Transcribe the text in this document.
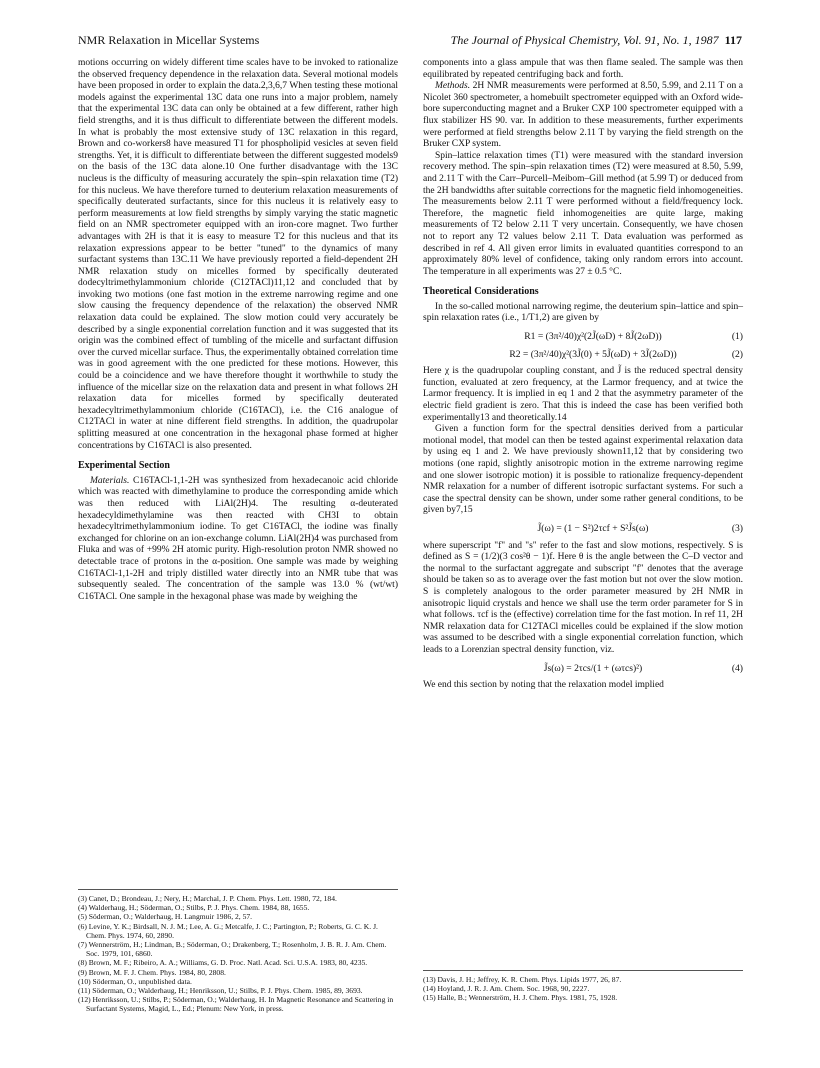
NMR Relaxation in Micellar Systems	The Journal of Physical Chemistry, Vol. 91, No. 1, 1987 117

motions occurring on widely different time scales have to be invoked to rationalize the observed frequency dependence in the relaxation data. Several motional models have been proposed in order to explain the data.2,3,6,7 When testing these motional models against the experimental 13C data one runs into a major problem, namely that the experimental 13C data can only be obtained at a few different, rather high field strengths, and it is thus difficult to differentiate between the different models. In what is probably the most extensive study of 13C relaxation in this regard, Brown and co-workers8 have measured T1 for phospholipid vesicles at seven field strengths. Yet, it is difficult to differentiate between the different suggested models9 on the basis of the 13C data alone.10 One further disadvantage with the 13C nucleus is the difficulty of measuring accurately the spin–spin relaxation time (T2) for this nucleus. We have therefore turned to deuterium relaxation measurements of specifically deuterated surfactants, since for this nucleus it is relatively easy to perform measurements at low field strengths by simply varying the static magnetic field on an NMR spectrometer equipped with an iron-core magnet. Two further advantages with 2H is that it is easy to measure T2 for this nucleus and that its relaxation expressions appear to be better "tuned" to the dynamics of many surfactant systems than 13C.11 We have previously reported a field-dependent 2H NMR relaxation study on micelles formed by specifically deuterated dodecyltrimethylammonium chloride (C12TACl)11,12 and concluded that by invoking two motions (one fast motion in the extreme narrowing regime and one slow causing the frequency dependence of the relaxation) the observed NMR relaxation data could be explained. The slow motion could very accurately be described by a single exponential correlation function and it was suggested that its origin was the combined effect of tumbling of the micelle and surfactant diffusion over the curved micellar surface. Thus, the experimentally obtained correlation time was in good agreement with the one predicted for these motions. However, this could be a coincidence and we have therefore thought it worthwhile to study the influence of the micellar size on the relaxation data and present in what follows 2H relaxation data for micelles formed by specifically deuterated hexadecyltrimethylammonium chloride (C16TACl), i.e. the C16 analogue of C12TACl in water at nine different field strengths. In addition, the quadrupolar splitting measured at one concentration in the hexagonal phase formed at higher concentrations by C16TACl is also presented.

Experimental Section

Materials. C16TACl-1,1-2H was synthesized from hexadecanoic acid chloride which was reacted with dimethylamine to produce the corresponding amide which was then reduced with LiAl(2H)4. The resulting α-deuterated hexadecyldimethylamine was then reacted with CH3I to obtain hexadecyltrimethylammonium iodine. To get C16TACl, the iodine was finally exchanged for chlorine on an ion-exchange column. LiAl(2H)4 was purchased from Fluka and was of +99% 2H atomic purity. High-resolution proton NMR showed no detectable trace of protons in the α-position. One sample was made by weighing C16TACl-1,1-2H and triply distilled water directly into an NMR tube that was subsequently sealed. The concentration of the sample was 13.0 % (wt/wt) C16TACl. One sample in the hexagonal phase was made by weighing the

(3) Canet, D.; Brondeau, J.; Nery, H.; Marchal, J. P. Chem. Phys. Lett. 1980, 72, 184.
(4) Walderhaug, H.; Söderman, O.; Stilbs, P. J. Phys. Chem. 1984, 88, 1655.
(5) Söderman, O.; Walderhaug, H. Langmuir 1986, 2, 57.
(6) Levine, Y. K.; Birdsall, N. J. M.; Lee, A. G.; Metcalfe, J. C.; Partington, P.; Roberts, G. C. K. J. Chem. Phys. 1974, 60, 2890.
(7) Wennerström, H.; Lindman, B.; Söderman, O.; Drakenberg, T.; Rosenholm, J. B. R. J. Am. Chem. Soc. 1979, 101, 6860.
(8) Brown, M. F.; Ribeiro, A. A.; Williams, G. D. Proc. Natl. Acad. Sci. U.S.A. 1983, 80, 4235.
(9) Brown, M. F. J. Chem. Phys. 1984, 80, 2808.
(10) Söderman, O., unpublished data.
(11) Söderman, O.; Walderhaug, H.; Henriksson, U.; Stilbs, P. J. Phys. Chem. 1985, 89, 3693.
(12) Henriksson, U.; Stilbs, P.; Söderman, O.; Walderhaug, H. In Magnetic Resonance and Scattering in Surfactant Systems, Magid, L., Ed.; Plenum: New York, in press.

components into a glass ampule that was then flame sealed. The sample was then equilibrated by repeated centrifuging back and forth.

Methods. 2H NMR measurements were performed at 8.50, 5.99, and 2.11 T on a Nicolet 360 spectrometer, a homebuilt spectrometer equipped with an Oxford wide-bore superconducting magnet and a Bruker CXP 100 spectrometer equipped with a flux stabilizer HS 90. var. In addition to these measurements, further experiments were performed at field strengths below 2.11 T by varying the field strength on the Bruker CXP system.

Spin–lattice relaxation times (T1) were measured with the standard inversion recovery method. The spin–spin relaxation times (T2) were measured at 8.50, 5.99, and 2.11 T with the Carr–Purcell–Meibom–Gill method (at 5.99 T) or deduced from the 2H bandwidths after suitable corrections for the magnetic field inhomogeneities. The measurements below 2.11 T were performed without a field/frequency lock. Therefore, the magnetic field inhomogeneities are quite large, making measurements of T2 below 2.11 T very uncertain. Consequently, we have chosen not to report any T2 values below 2.11 T. Data evaluation was performed as described in ref 4. All given error limits in evaluated quantities correspond to an approximately 80% level of confidence, taking only random errors into account. The temperature in all experiments was 27 ± 0.5 °C.

Theoretical Considerations

In the so-called motional narrowing regime, the deuterium spin–lattice and spin–spin relaxation rates (i.e., 1/T1,2) are given by

R1 = (3π²/40)χ²(2J̃(ωD) + 8J̃(2ωD))	(1)
R2 = (3π²/40)χ²(3J̃(0) + 5J̃(ωD) + 3J̃(2ωD))	(2)

Here χ is the quadrupolar coupling constant, and J̃ is the reduced spectral density function, evaluated at zero frequency, at the Larmor frequency, and at twice the Larmor frequency. It is implied in eq 1 and 2 that the asymmetry parameter of the electric field gradient is zero. That this is indeed the case has been verified both experimentally13 and theoretically.14

Given a function form for the spectral densities derived from a particular motional model, that model can then be tested against experimental relaxation data by using eq 1 and 2. We have previously shown11,12 that by considering two motions (one rapid, slightly anisotropic motion in the extreme narrowing regime and one slower isotropic motion) it is possible to rationalize frequency-dependent NMR relaxation for a number of different isotropic surfactant systems. For such a case the spectral density can be shown, under some rather general conditions, to be given by7,15

J̃(ω) = (1 − S²)2τcf + S²J̃s(ω)	(3)

where superscript "f" and "s" refer to the fast and slow motions, respectively. S is defined as S = (1/2)(3 cos²θ − 1)f. Here θ is the angle between the C–D vector and the normal to the surfactant aggregate and subscript "f" denotes that the average should be taken so as to average over the fast motion but not over the slow motion. S is completely analogous to the order parameter measured by 2H NMR in anisotropic liquid crystals and hence we shall use the term order parameter for S in what follows. τcf is the (effective) correlation time for the fast motion. In ref 11, 2H NMR relaxation data for C12TACl micelles could be explained if the slow motion was assumed to be described with a single exponential correlation function, which leads to a Lorenzian spectral density function, viz.

J̃s(ω) = 2τcs/(1 + (ωτcs)²)	(4)

We end this section by noting that the relaxation model implied

(13) Davis, J. H.; Jeffrey, K. R. Chem. Phys. Lipids 1977, 26, 87.
(14) Hoyland, J. R. J. Am. Chem. Soc. 1968, 90, 2227.
(15) Halle, B.; Wennerström, H. J. Chem. Phys. 1981, 75, 1928.
